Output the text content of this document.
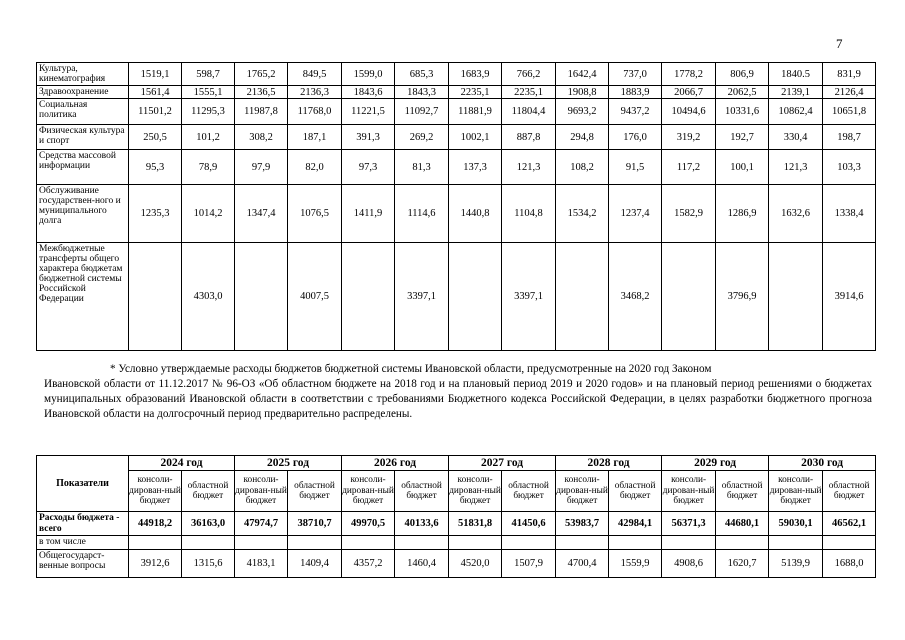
7
Культура, кинематография	1519,1	598,7	1765,2	849,5	1599,0	685,3	1683,9	766,2	1642,4	737,0	1778,2	806,9	1840.5	831,9
Здравоохранение	1561,4	1555,1	2136,5	2136,3	1843,6	1843,3	2235,1	2235,1	1908,8	1883,9	2066,7	2062,5	2139,1	2126,4
Социальная политика	11501,2	11295,3	11987,8	11768,0	11221,5	11092,7	11881,9	11804,4	9693,2	9437,2	10494,6	10331,6	10862,4	10651,8
Физическая культура и спорт	250,5	101,2	308,2	187,1	391,3	269,2	1002,1	887,8	294,8	176,0	319,2	192,7	330,4	198,7
Средства массовой информации	95,3	78,9	97,9	82,0	97,3	81,3	137,3	121,3	108,2	91,5	117,2	100,1	121,3	103,3
Обслуживание государствен-ного и муниципального долга	1235,3	1014,2	1347,4	1076,5	1411,9	1114,6	1440,8	1104,8	1534,2	1237,4	1582,9	1286,9	1632,6	1338,4
Межбюджетные трансферты общего характера бюджетам бюджетной системы Российской Федерации		4303,0		4007,5		3397,1		3397,1		3468,2		3796,9		3914,6
* Условно утверждаемые расходы бюджетов бюджетной системы Ивановской области, предусмотренные на 2020 год Законом
Ивановской области от 11.12.2017 № 96-ОЗ «Об областном бюджете на 2018 год и на плановый период 2019 и 2020 годов» и на плановый период решениями о бюджетах муниципальных образований Ивановской области в соответствии с требованиями Бюджетного кодекса Российской Федерации, в целях разработки бюджетного прогноза Ивановской области на долгосрочный период предварительно распределены.
Показатели	2024 год		2025 год		2026 год		2027 год		2028 год		2029 год		2030 год	
	консоли-дирован-ный бюджет	областной бюджет	консоли-дирован-ный бюджет	областной бюджет	консоли-дирован-ный бюджет	областной бюджет	консоли-дирован-ный бюджет	областной бюджет	консоли-дирован-ный бюджет	областной бюджет	консоли-дирован-ный бюджет	областной бюджет	консоли-дирован-ный бюджет	областной бюджет
Расходы бюджета - всего	44918,2	36163,0	47974,7	38710,7	49970,5	40133,6	51831,8	41450,6	53983,7	42984,1	56371,3	44680,1	59030,1	46562,1
в том числе														
Общегосударст-венные вопросы	3912,6	1315,6	4183,1	1409,4	4357,2	1460,4	4520,0	1507,9	4700,4	1559,9	4908,6	1620,7	5139,9	1688,0
